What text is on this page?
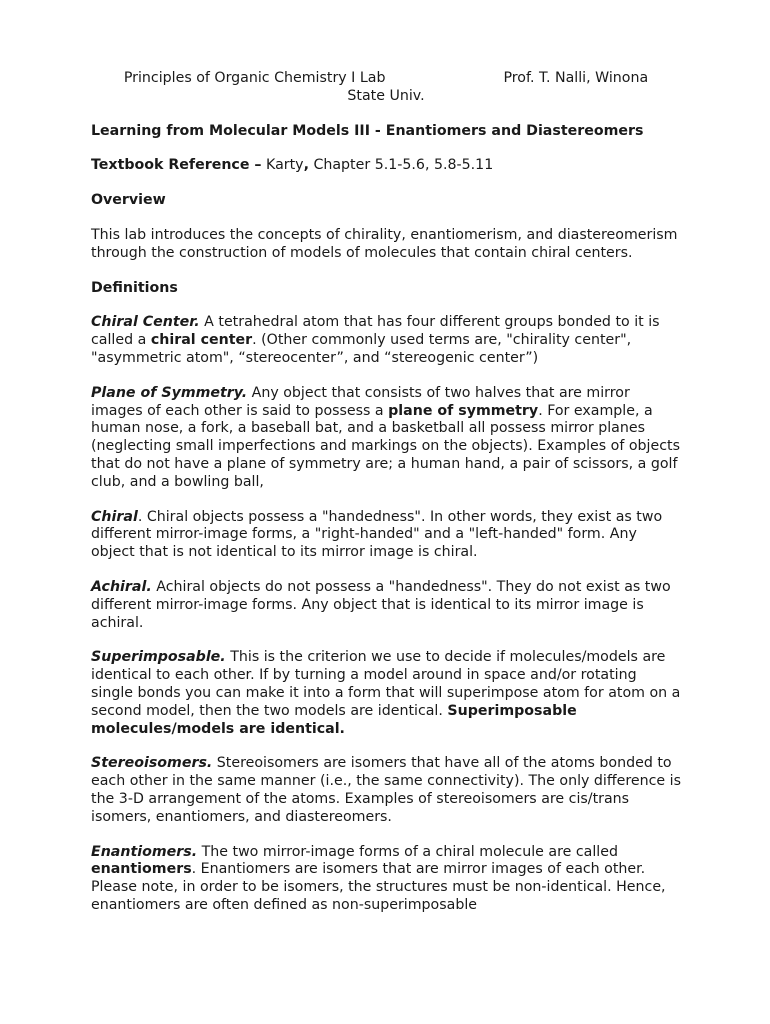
Principles of Organic Chemistry I Lab	Prof. T. Nalli, Winona
State Univ.
Learning from Molecular Models III - Enantiomers and Diastereomers

Textbook Reference – Karty, Chapter 5.1-5.6, 5.8-5.11

Overview

This lab introduces the concepts of chirality, enantiomerism, and diastereomerism through the construction of models of molecules that contain chiral centers.

Definitions

Chiral Center. A tetrahedral atom that has four different groups bonded to it is called a chiral center. (Other commonly used terms are, "chirality center", "asymmetric atom", “stereocenter”, and “stereogenic center”)

Plane of Symmetry. Any object that consists of two halves that are mirror images of each other is said to possess a plane of symmetry. For example, a human nose, a fork, a baseball bat, and a basketball all possess mirror planes (neglecting small imperfections and markings on the objects). Examples of objects that do not have a plane of symmetry are; a human hand, a pair of scissors, a golf club, and a bowling ball,

Chiral. Chiral objects possess a "handedness". In other words, they exist as two different mirror-image forms, a "right-handed" and a "left-handed" form. Any object that is not identical to its mirror image is chiral.

Achiral. Achiral objects do not possess a "handedness". They do not exist as two different mirror-image forms. Any object that is identical to its mirror image is achiral.

Superimposable. This is the criterion we use to decide if molecules/models are identical to each other. If by turning a model around in space and/or rotating single bonds you can make it into a form that will superimpose atom for atom on a second model, then the two models are identical. Superimposable molecules/models are identical.

Stereoisomers. Stereoisomers are isomers that have all of the atoms bonded to each other in the same manner (i.e., the same connectivity). The only difference is the 3-D arrangement of the atoms. Examples of stereoisomers are cis/trans isomers, enantiomers, and diastereomers.

Enantiomers. The two mirror-image forms of a chiral molecule are called enantiomers. Enantiomers are isomers that are mirror images of each other. Please note, in order to be isomers, the structures must be non-identical. Hence, enantiomers are often defined as non-superimposable
